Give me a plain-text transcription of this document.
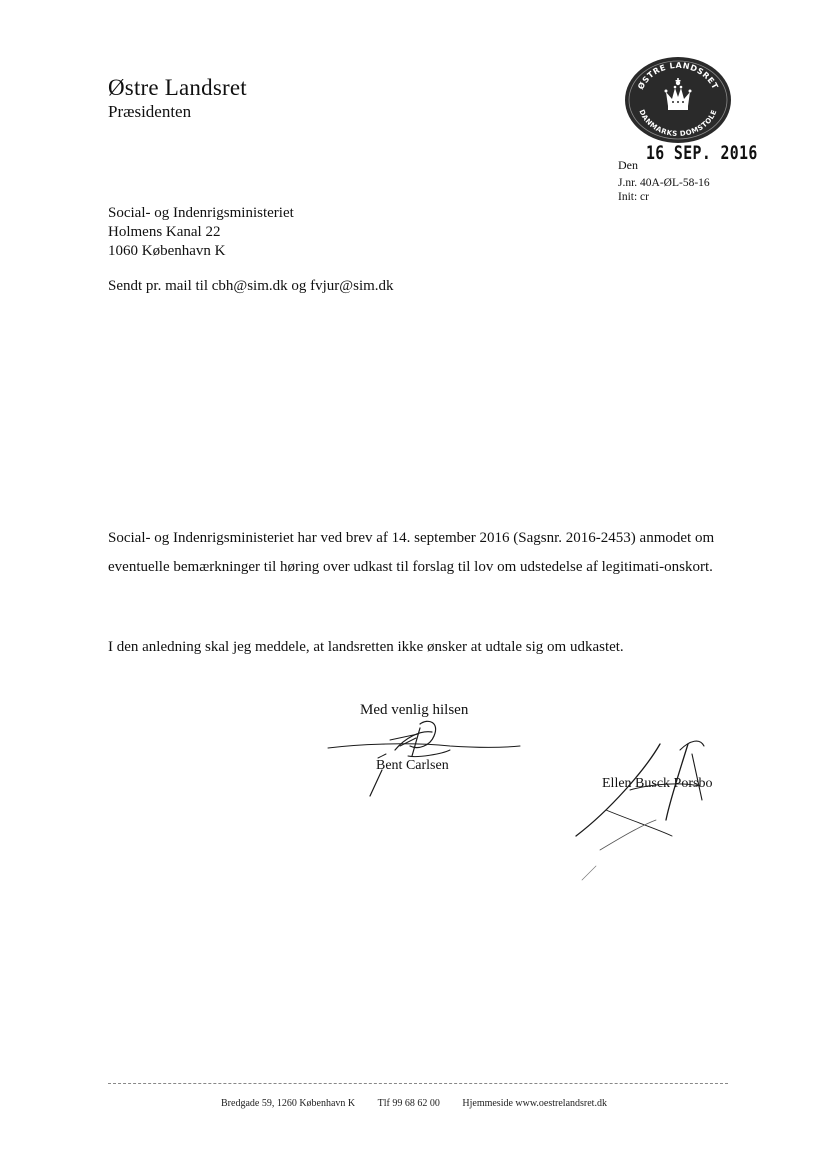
Østre Landsret
Præsidenten
ØSTRE LANDSRET
DANMARKS DOMSTOLE
Den
16 SEP. 2016
J.nr. 40A-ØL-58-16
Init: cr
Social- og Indenrigsministeriet
Holmens Kanal 22
1060 København K
Sendt pr. mail til cbh@sim.dk og fvjur@sim.dk
Social- og Indenrigsministeriet har ved brev af 14. september 2016 (Sagsnr. 2016-2453) anmodet om eventuelle bemærkninger til høring over udkast til forslag til lov om udstedelse af legitimati-onskort.
I den anledning skal jeg meddele, at landsretten ikke ønsker at udtale sig om udkastet.
Med venlig hilsen
Bent Carlsen
Ellen Busck Porsbo
Bredgade 59, 1260 København K Tlf 99 68 62 00 Hjemmeside www.oestrelandsret.dk
